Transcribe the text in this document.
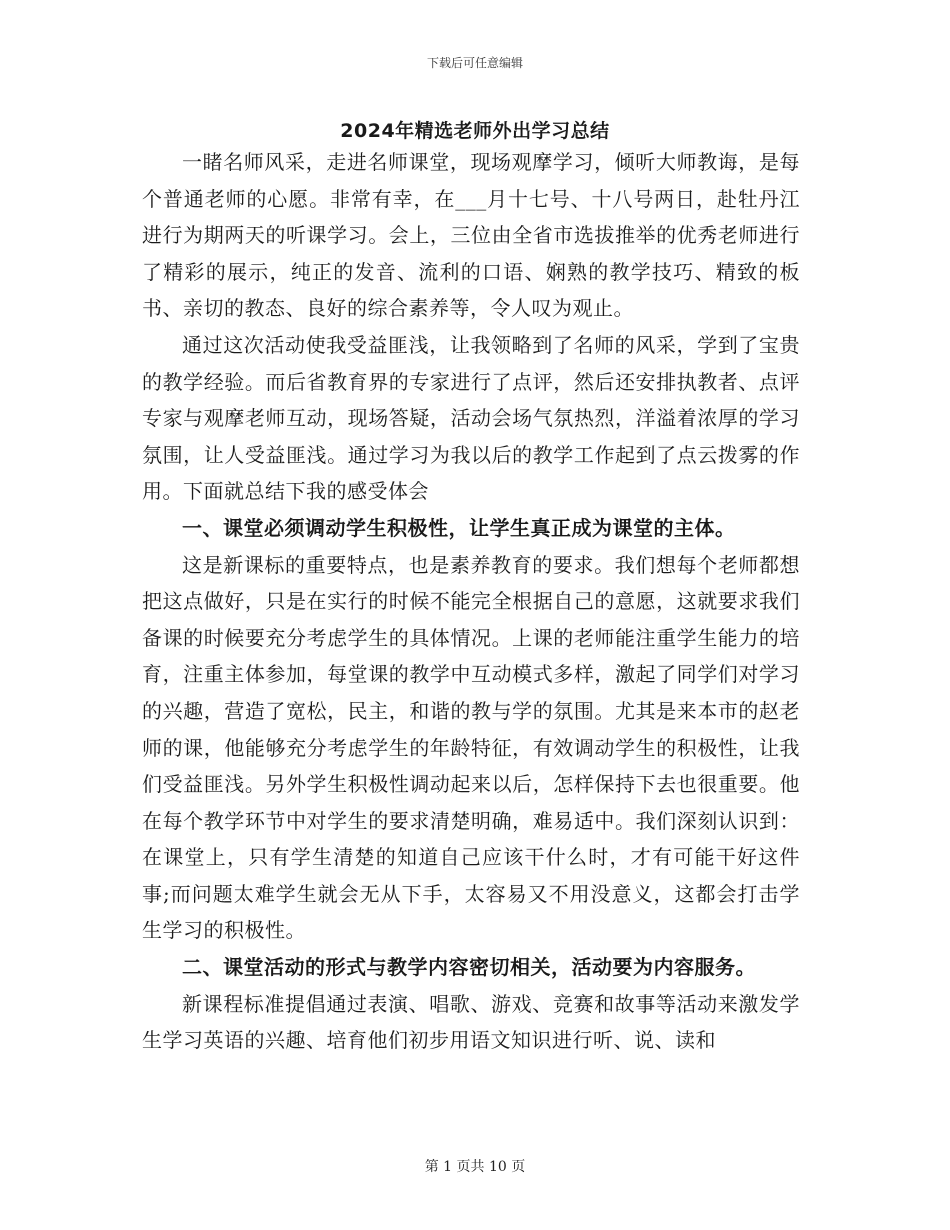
下载后可任意编辑
2024年精选老师外出学习总结

一睹名师风采，走进名师课堂，现场观摩学习，倾听大师教诲，是每个普通老师的心愿。非常有幸，在___月十七号、十八号两日，赴牡丹江进行为期两天的听课学习。会上，三位由全省市选拔推举的优秀老师进行了精彩的展示，纯正的发音、流利的口语、娴熟的教学技巧、精致的板书、亲切的教态、良好的综合素养等，令人叹为观止。

通过这次活动使我受益匪浅，让我领略到了名师的风采，学到了宝贵的教学经验。而后省教育界的专家进行了点评，然后还安排执教者、点评专家与观摩老师互动，现场答疑，活动会场气氛热烈，洋溢着浓厚的学习氛围，让人受益匪浅。通过学习为我以后的教学工作起到了点云拨雾的作用。下面就总结下我的感受体会

一、课堂必须调动学生积极性，让学生真正成为课堂的主体。

这是新课标的重要特点，也是素养教育的要求。我们想每个老师都想把这点做好，只是在实行的时候不能完全根据自己的意愿，这就要求我们备课的时候要充分考虑学生的具体情况。上课的老师能注重学生能力的培育，注重主体参加，每堂课的教学中互动模式多样，激起了同学们对学习的兴趣，营造了宽松，民主，和谐的教与学的氛围。尤其是来本市的赵老师的课，他能够充分考虑学生的年龄特征，有效调动学生的积极性，让我们受益匪浅。另外学生积极性调动起来以后，怎样保持下去也很重要。他在每个教学环节中对学生的要求清楚明确，难易适中。我们深刻认识到：在课堂上，只有学生清楚的知道自己应该干什么时，才有可能干好这件事;而问题太难学生就会无从下手，太容易又不用没意义，这都会打击学生学习的积极性。

二、课堂活动的形式与教学内容密切相关，活动要为内容服务。

新课程标准提倡通过表演、唱歌、游戏、竞赛和故事等活动来激发学生学习英语的兴趣、培育他们初步用语文知识进行听、说、读和

第 1 页共 10 页
